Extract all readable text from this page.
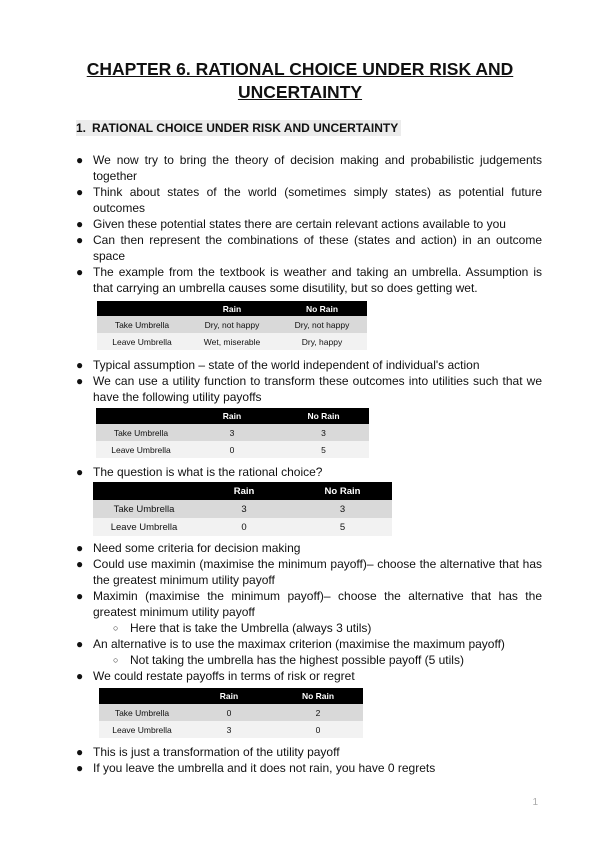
CHAPTER 6. RATIONAL CHOICE UNDER RISK AND
UNCERTAINTY
1. RATIONAL CHOICE UNDER RISK AND UNCERTAINTY
● We now try to bring the theory of decision making and probabilistic judgements together
● Think about states of the world (sometimes simply states) as potential future outcomes
● Given these potential states there are certain relevant actions available to you
● Can then represent the combinations of these (states and action) in an outcome space
● The example from the textbook is weather and taking an umbrella. Assumption is that carrying an umbrella causes some disutility, but so does getting wet.
	Rain	No Rain
Take Umbrella	Dry, not happy	Dry, not happy
Leave Umbrella	Wet, miserable	Dry, happy
● Typical assumption – state of the world independent of individual's action
● We can use a utility function to transform these outcomes into utilities such that we have the following utility payoffs
	Rain	No Rain
Take Umbrella	3	3
Leave Umbrella	0	5
● The question is what is the rational choice?
	Rain	No Rain
Take Umbrella	3	3
Leave Umbrella	0	5
● Need some criteria for decision making
● Could use maximin (maximise the minimum payoff)– choose the alternative that has the greatest minimum utility payoff
● Maximin (maximise the minimum payoff)– choose the alternative that has the greatest minimum utility payoff
○ Here that is take the Umbrella (always 3 utils)
● An alternative is to use the maximax criterion (maximise the maximum payoff)
○ Not taking the umbrella has the highest possible payoff (5 utils)
● We could restate payoffs in terms of risk or regret
	Rain	No Rain
Take Umbrella	0	2
Leave Umbrella	3	0
● This is just a transformation of the utility payoff
● If you leave the umbrella and it does not rain, you have 0 regrets
1
